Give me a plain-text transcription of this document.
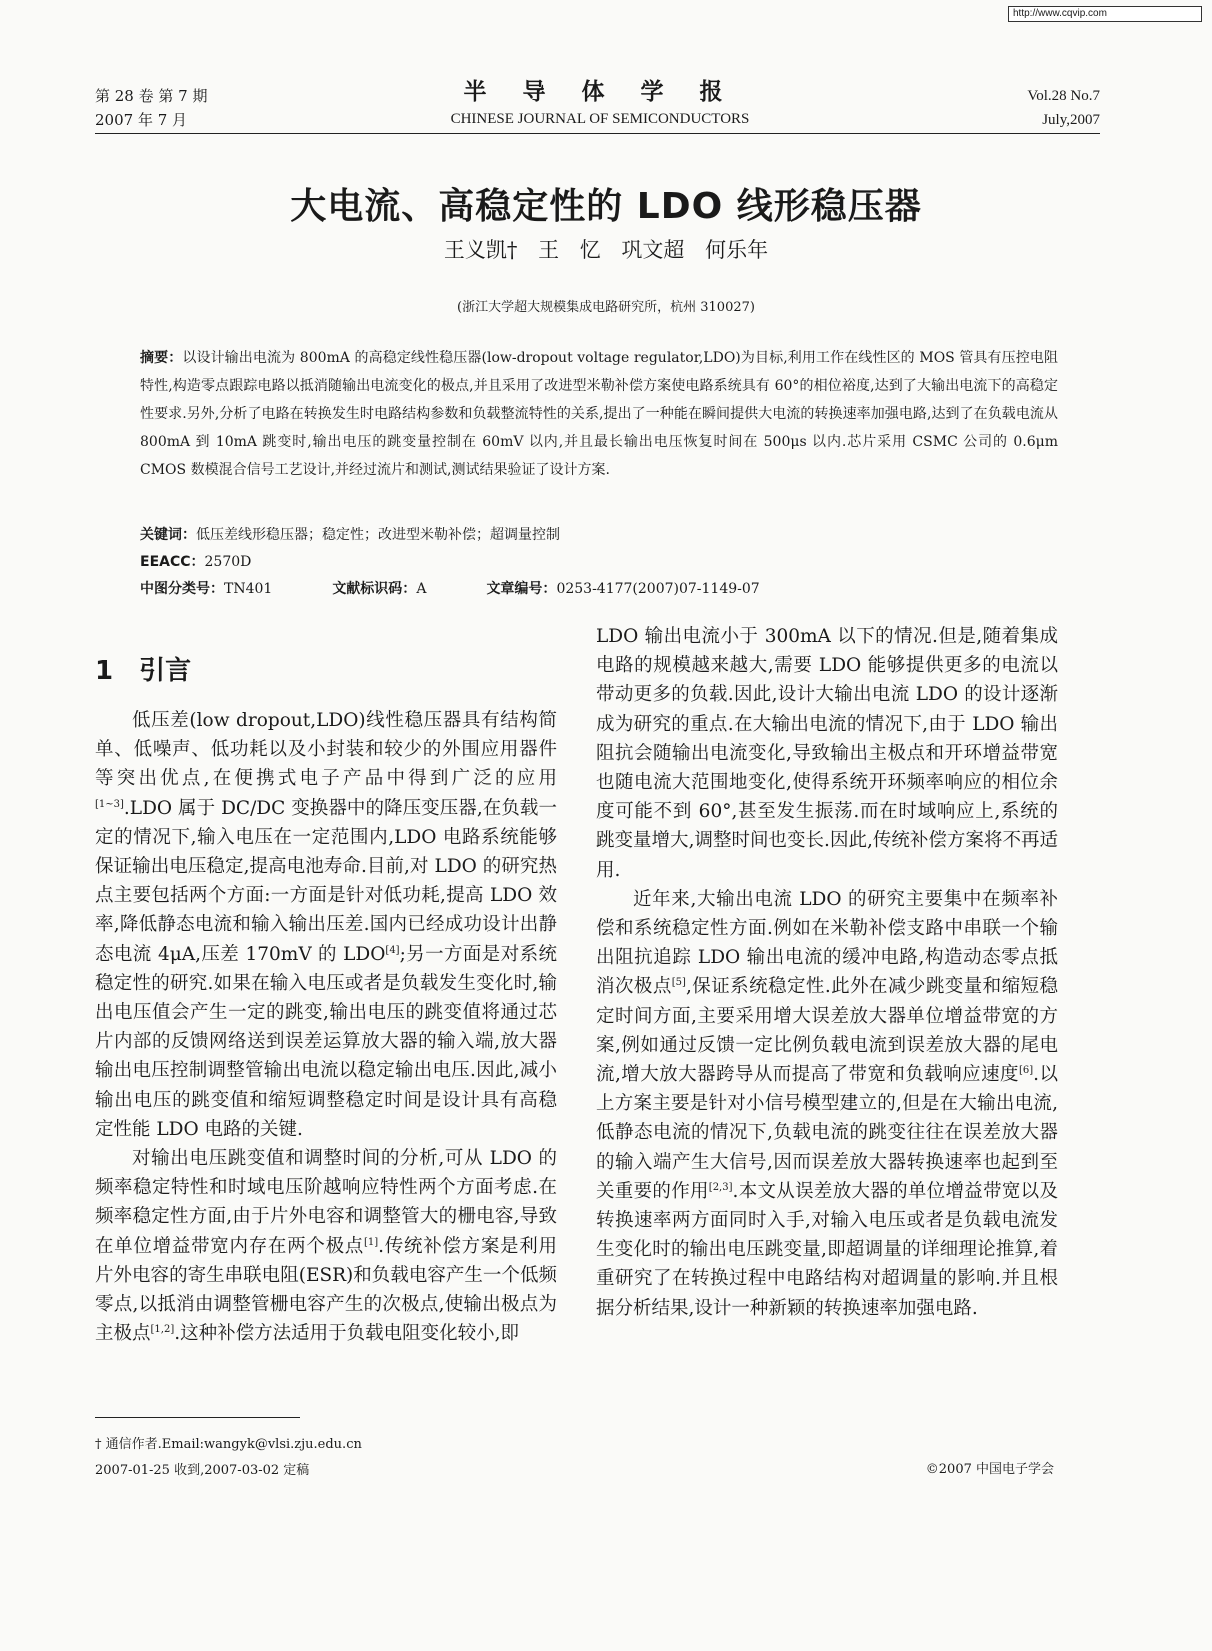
http://www.cqvip.com
第 28 卷 第 7 期
2007 年 7 月
半 导 体 学 报
CHINESE JOURNAL OF SEMICONDUCTORS
Vol.28 No.7
July,2007
大电流、高稳定性的 LDO 线形稳压器
王义凯† 王 忆 巩文超 何乐年
(浙江大学超大规模集成电路研究所，杭州 310027)
摘要：以设计输出电流为 800mA 的高稳定线性稳压器(low-dropout voltage regulator,LDO)为目标,利用工作在线性区的 MOS 管具有压控电阻特性,构造零点跟踪电路以抵消随输出电流变化的极点,并且采用了改进型米勒补偿方案使电路系统具有 60°的相位裕度,达到了大输出电流下的高稳定性要求.另外,分析了电路在转换发生时电路结构参数和负载整流特性的关系,提出了一种能在瞬间提供大电流的转换速率加强电路,达到了在负载电流从 800mA 到 10mA 跳变时,输出电压的跳变量控制在 60mV 以内,并且最长输出电压恢复时间在 500μs 以内.芯片采用 CSMC 公司的 0.6μm CMOS 数模混合信号工艺设计,并经过流片和测试,测试结果验证了设计方案.
关键词：低压差线形稳压器；稳定性；改进型米勒补偿；超调量控制
EEACC：2570D
中图分类号：TN401	文献标识码：A	文章编号：0253-4177(2007)07-1149-07
1 引言

低压差(low dropout,LDO)线性稳压器具有结构简单、低噪声、低功耗以及小封装和较少的外围应用器件等突出优点,在便携式电子产品中得到广泛的应用[1~3].LDO 属于 DC/DC 变换器中的降压变压器,在负载一定的情况下,输入电压在一定范围内,LDO 电路系统能够保证输出电压稳定,提高电池寿命.目前,对 LDO 的研究热点主要包括两个方面:一方面是针对低功耗,提高 LDO 效率,降低静态电流和输入输出压差.国内已经成功设计出静态电流 4μA,压差 170mV 的 LDO[4];另一方面是对系统稳定性的研究.如果在输入电压或者是负载发生变化时,输出电压值会产生一定的跳变,输出电压的跳变值将通过芯片内部的反馈网络送到误差运算放大器的输入端,放大器输出电压控制调整管输出电流以稳定输出电压.因此,减小输出电压的跳变值和缩短调整稳定时间是设计具有高稳定性能 LDO 电路的关键.

对输出电压跳变值和调整时间的分析,可从 LDO 的频率稳定特性和时域电压阶越响应特性两个方面考虑.在频率稳定性方面,由于片外电容和调整管大的栅电容,导致在单位增益带宽内存在两个极点[1].传统补偿方案是利用片外电容的寄生串联电阻(ESR)和负载电容产生一个低频零点,以抵消由调整管栅电容产生的次极点,使输出极点为主极点[1,2].这种补偿方法适用于负载电阻变化较小,即

LDO 输出电流小于 300mA 以下的情况.但是,随着集成电路的规模越来越大,需要 LDO 能够提供更多的电流以带动更多的负载.因此,设计大输出电流 LDO 的设计逐渐成为研究的重点.在大输出电流的情况下,由于 LDO 输出阻抗会随输出电流变化,导致输出主极点和开环增益带宽也随电流大范围地变化,使得系统开环频率响应的相位余度可能不到 60°,甚至发生振荡.而在时域响应上,系统的跳变量增大,调整时间也变长.因此,传统补偿方案将不再适用.

近年来,大输出电流 LDO 的研究主要集中在频率补偿和系统稳定性方面.例如在米勒补偿支路中串联一个输出阻抗追踪 LDO 输出电流的缓冲电路,构造动态零点抵消次极点[5],保证系统稳定性.此外在减少跳变量和缩短稳定时间方面,主要采用增大误差放大器单位增益带宽的方案,例如通过反馈一定比例负载电流到误差放大器的尾电流,增大放大器跨导从而提高了带宽和负载响应速度[6].以上方案主要是针对小信号模型建立的,但是在大输出电流,低静态电流的情况下,负载电流的跳变往往在误差放大器的输入端产生大信号,因而误差放大器转换速率也起到至关重要的作用[2,3].本文从误差放大器的单位增益带宽以及转换速率两方面同时入手,对输入电压或者是负载电流发生变化时的输出电压跳变量,即超调量的详细理论推算,着重研究了在转换过程中电路结构对超调量的影响.并且根据分析结果,设计一种新颖的转换速率加强电路.

† 通信作者.Email:wangyk@vlsi.zju.edu.cn
2007-01-25 收到,2007-03-02 定稿	©2007 中国电子学会
